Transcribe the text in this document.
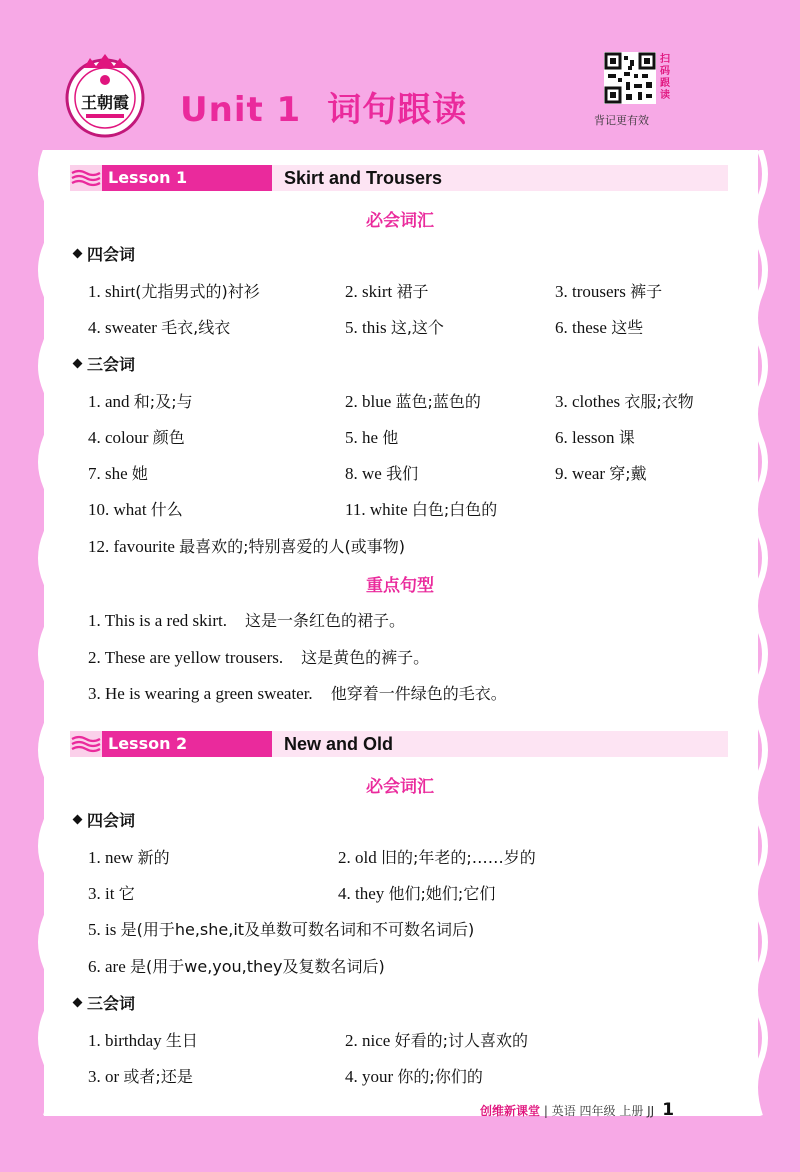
王朝霞 Unit 1 词句跟读
扫码跟读
背记更有效
Lesson 1	Skirt and Trousers
必会词汇
四会词
1. shirt(尤指男式的)衬衫	2. skirt 裙子	3. trousers 裤子
4. sweater 毛衣,线衣	5. this 这,这个	6. these 这些
三会词
1. and 和;及;与	2. blue 蓝色;蓝色的	3. clothes 衣服;衣物
4. colour 颜色	5. he 他	6. lesson 课
7. she 她	8. we 我们	9. wear 穿;戴
10. what 什么	11. white 白色;白色的
12. favourite 最喜欢的;特别喜爱的人(或事物)
重点句型
1. This is a red skirt. 这是一条红色的裙子。
2. These are yellow trousers. 这是黄色的裤子。
3. He is wearing a green sweater. 他穿着一件绿色的毛衣。
Lesson 2	New and Old
必会词汇
四会词
1. new 新的	2. old 旧的;年老的;……岁的
3. it 它	4. they 他们;她们;它们
5. is 是(用于he,she,it及单数可数名词和不可数名词后)
6. are 是(用于we,you,they及复数名词后)
三会词
1. birthday 生日	2. nice 好看的;讨人喜欢的
3. or 或者;还是	4. your 你的;你们的
创维新课堂 | 英语 四年级 上册 JJ 1
